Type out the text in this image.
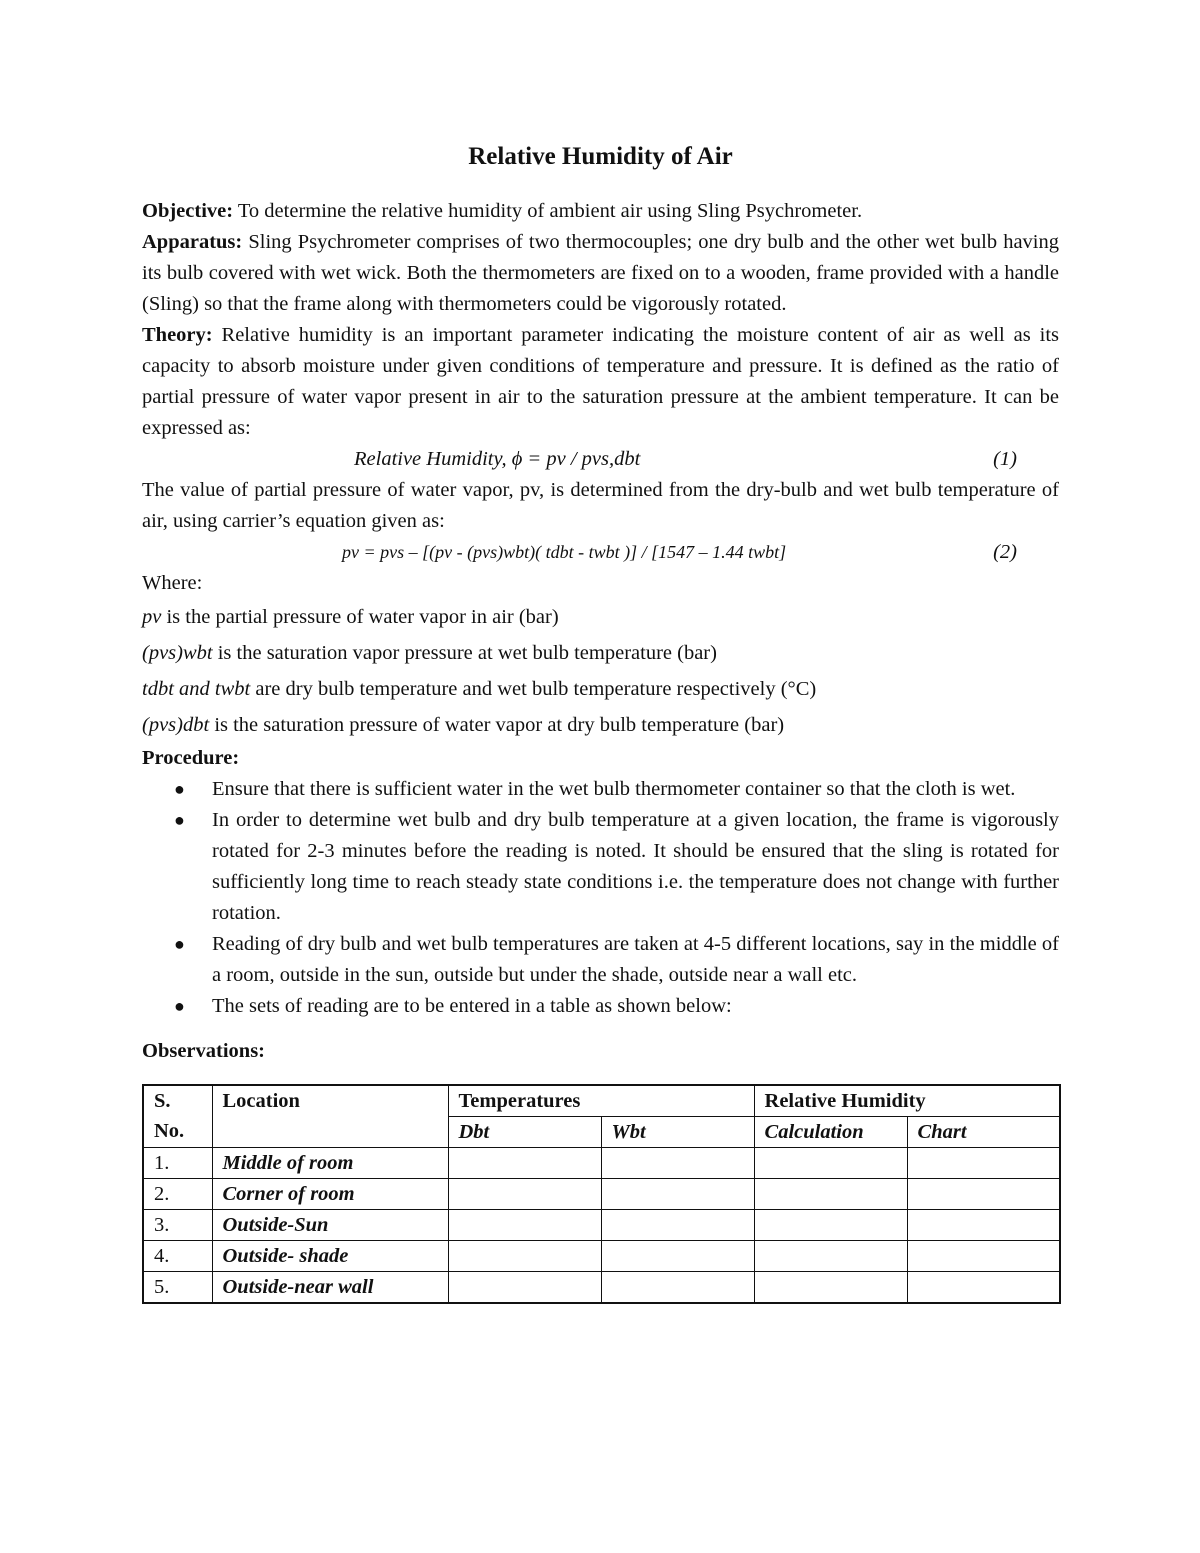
Relative Humidity of Air

Objective: To determine the relative humidity of ambient air using Sling Psychrometer.

Apparatus: Sling Psychrometer comprises of two thermocouples; one dry bulb and the other wet bulb having its bulb covered with wet wick. Both the thermometers are fixed on to a wooden, frame provided with a handle (Sling) so that the frame along with thermometers could be vigorously rotated.

Theory: Relative humidity is an important parameter indicating the moisture content of air as well as its capacity to absorb moisture under given conditions of temperature and pressure. It is defined as the ratio of partial pressure of water vapor present in air to the saturation pressure at the ambient temperature. It can be expressed as:

Relative Humidity, ϕ = pv / pvs,dbt	(1)

The value of partial pressure of water vapor, pv, is determined from the dry-bulb and wet bulb temperature of air, using carrier’s equation given as:

pv = pvs – [(pv - (pvs)wbt)( tdbt - twbt )] / [1547 – 1.44 twbt]	(2)

Where:

pv is the partial pressure of water vapor in air (bar)
(pvs)wbt is the saturation vapor pressure at wet bulb temperature (bar)
tdbt and twbt are dry bulb temperature and wet bulb temperature respectively (°C)
(pvs)dbt is the saturation pressure of water vapor at dry bulb temperature (bar)

Procedure:

● Ensure that there is sufficient water in the wet bulb thermometer container so that the cloth is wet.
● In order to determine wet bulb and dry bulb temperature at a given location, the frame is vigorously rotated for 2-3 minutes before the reading is noted. It should be ensured that the sling is rotated for sufficiently long time to reach steady state conditions i.e. the temperature does not change with further rotation.
● Reading of dry bulb and wet bulb temperatures are taken at 4-5 different locations, say in the middle of a room, outside in the sun, outside but under the shade, outside near a wall etc.
● The sets of reading are to be entered in a table as shown below:
Observations:
S. No.	Location	Temperatures		Relative Humidity	
		Dbt	Wbt	Calculation	Chart
1.	Middle of room				
2.	Corner of room				
3.	Outside-Sun				
4.	Outside- shade				
5.	Outside-near wall				
